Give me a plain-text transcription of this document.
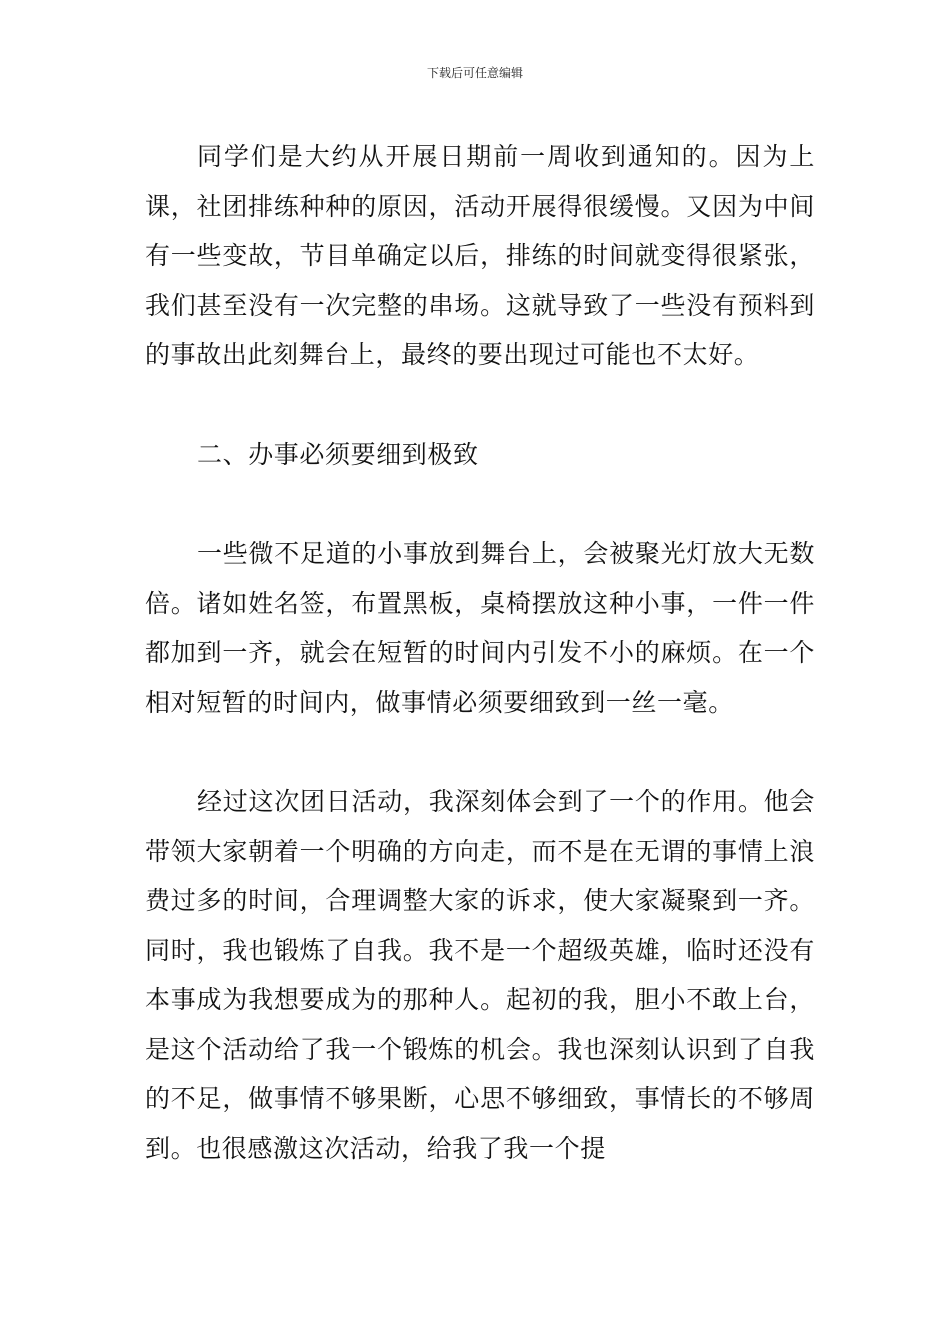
下载后可任意编辑

同学们是大约从开展日期前一周收到通知的。因为上课，社团排练种种的原因，活动开展得很缓慢。又因为中间有一些变故，节目单确定以后，排练的时间就变得很紧张，我们甚至没有一次完整的串场。这就导致了一些没有预料到的事故出此刻舞台上，最终的要出现过可能也不太好。

二、办事必须要细到极致

一些微不足道的小事放到舞台上，会被聚光灯放大无数倍。诸如姓名签，布置黑板，桌椅摆放这种小事，一件一件都加到一齐，就会在短暂的时间内引发不小的麻烦。在一个相对短暂的时间内，做事情必须要细致到一丝一毫。

经过这次团日活动，我深刻体会到了一个的作用。他会带领大家朝着一个明确的方向走，而不是在无谓的事情上浪费过多的时间，合理调整大家的诉求，使大家凝聚到一齐。同时，我也锻炼了自我。我不是一个超级英雄，临时还没有本事成为我想要成为的那种人。起初的我，胆小不敢上台，是这个活动给了我一个锻炼的机会。我也深刻认识到了自我的不足，做事情不够果断，心思不够细致，事情长的不够周到。也很感激这次活动，给我了我一个提
